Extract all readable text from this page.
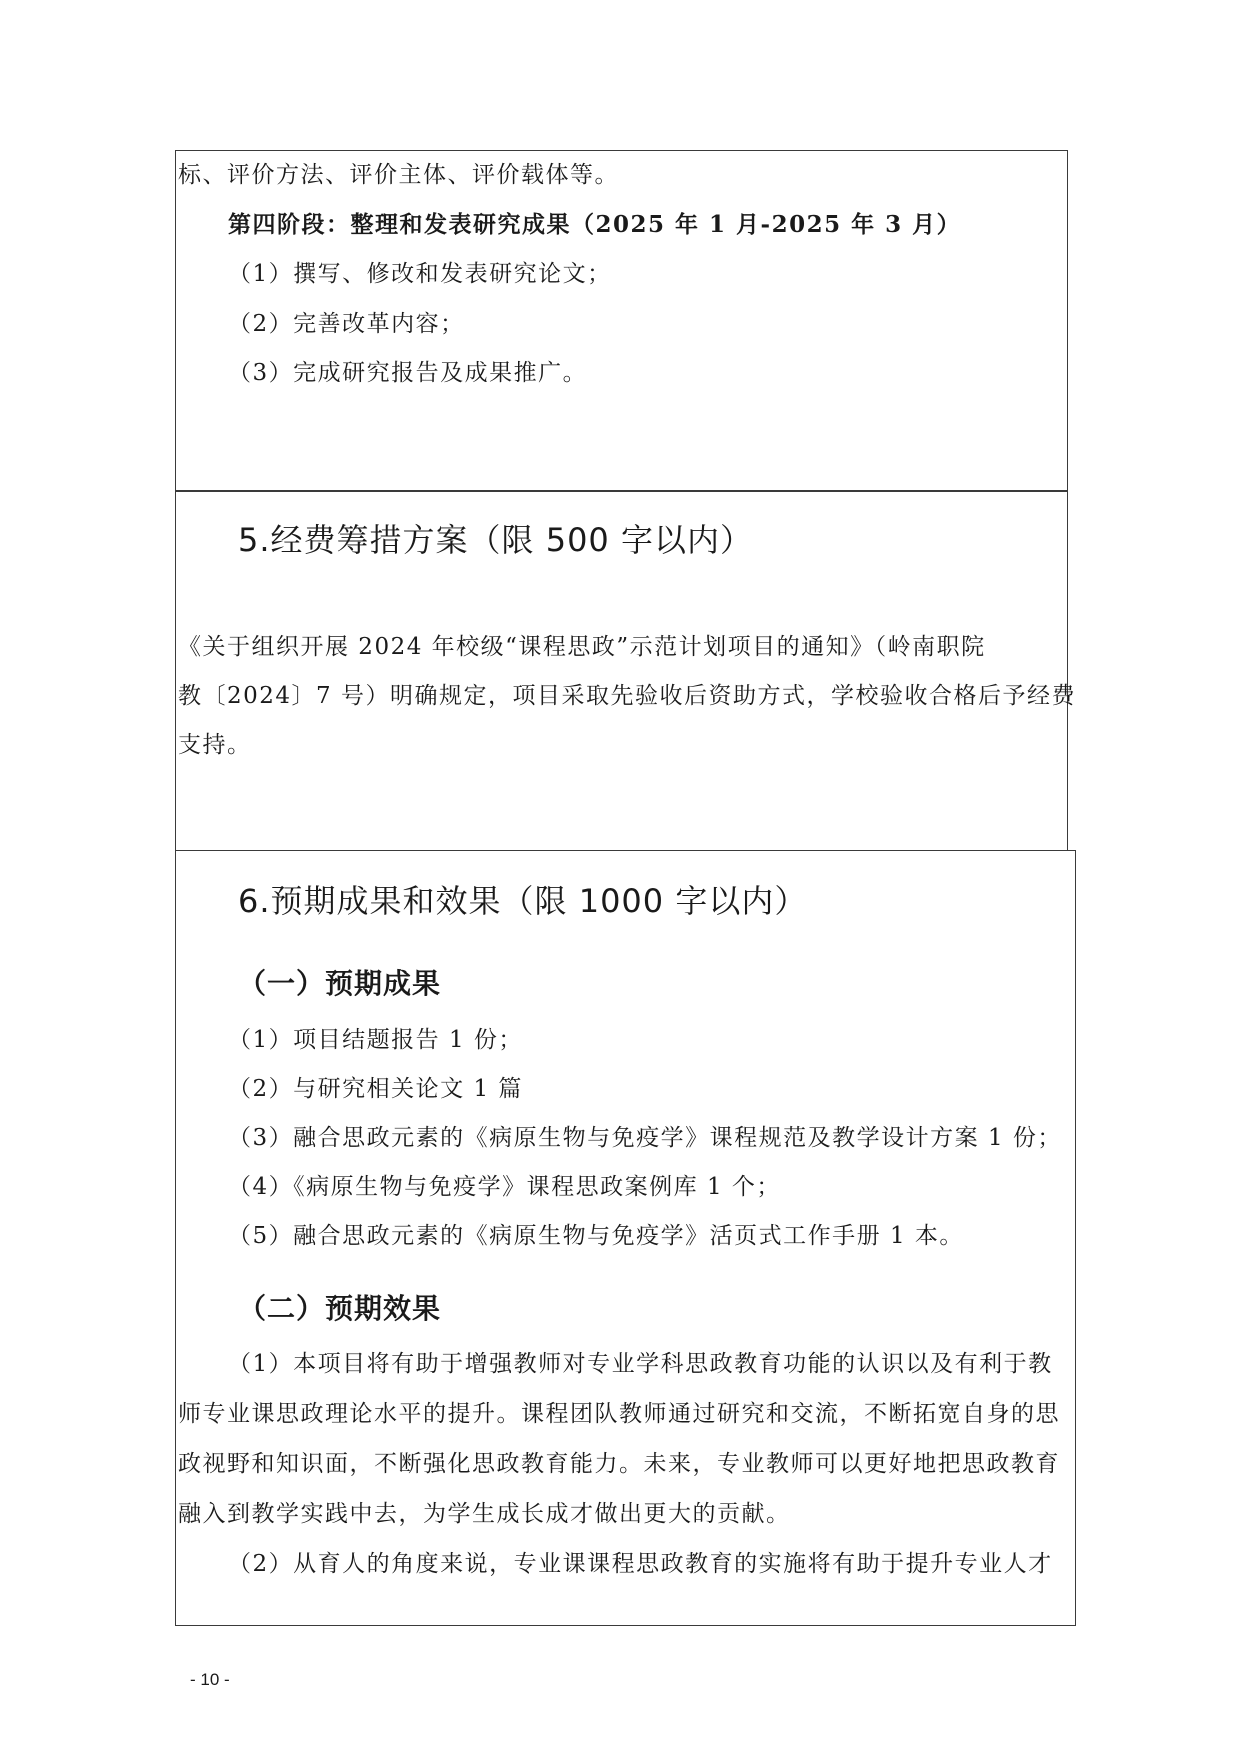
标、评价方法、评价主体、评价载体等。
第四阶段：整理和发表研究成果（2025 年 1 月-2025 年 3 月）
（1）撰写、修改和发表研究论文；
（2）完善改革内容；
（3）完成研究报告及成果推广。
5.经费筹措方案（限 500 字以内）
《关于组织开展 2024 年校级“课程思政”示范计划项目的通知》（岭南职院
教〔2024〕7 号）明确规定，项目采取先验收后资助方式，学校验收合格后予经费
支持。
6.预期成果和效果（限 1000 字以内）
（一）预期成果
（1）项目结题报告 1 份；
（2）与研究相关论文 1 篇
（3）融合思政元素的《病原生物与免疫学》课程规范及教学设计方案 1 份；
（4）《病原生物与免疫学》课程思政案例库 1 个；
（5）融合思政元素的《病原生物与免疫学》活页式工作手册 1 本。
（二）预期效果
（1）本项目将有助于增强教师对专业学科思政教育功能的认识以及有利于教
师专业课思政理论水平的提升。课程团队教师通过研究和交流，不断拓宽自身的思
政视野和知识面，不断强化思政教育能力。未来，专业教师可以更好地把思政教育
融入到教学实践中去，为学生成长成才做出更大的贡献。
（2）从育人的角度来说，专业课课程思政教育的实施将有助于提升专业人才
- 10 -
